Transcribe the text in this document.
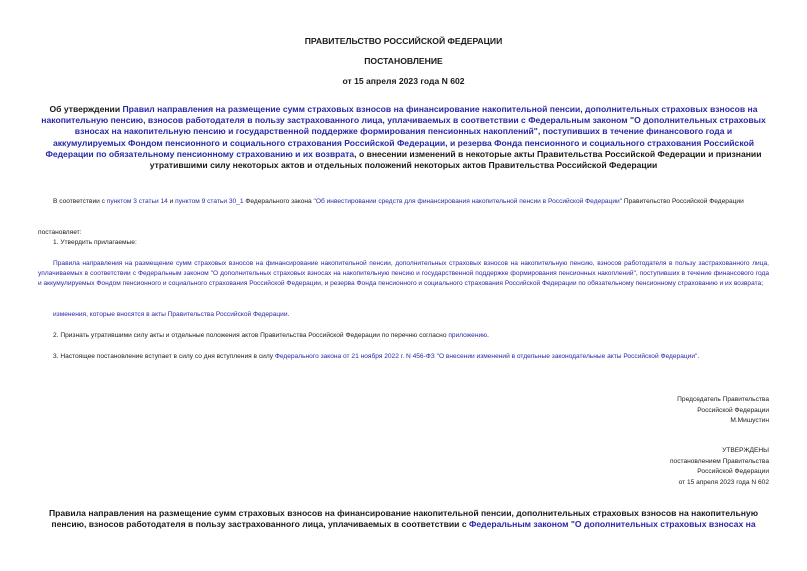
ПРАВИТЕЛЬСТВО РОССИЙСКОЙ ФЕДЕРАЦИИ
ПОСТАНОВЛЕНИЕ
от 15 апреля 2023 года N 602
Об утверждении Правил направления на размещение сумм страховых взносов на финансирование накопительной пенсии, дополнительных страховых взносов на накопительную пенсию, взносов работодателя в пользу застрахованного лица, уплачиваемых в соответствии с Федеральным законом "О дополнительных страховых взносах на накопительную пенсию и государственной поддержке формирования пенсионных накоплений", поступивших в течение финансового года и аккумулируемых Фондом пенсионного и социального страхования Российской Федерации, и резерва Фонда пенсионного и социального страхования Российской Федерации по обязательному пенсионному страхованию и их возврата, о внесении изменений в некоторые акты Правительства Российской Федерации и признании утратившими силу некоторых актов и отдельных положений некоторых актов Правительства Российской Федерации
В соответствии с пунктом 3 статьи 14 и пунктом 9 статьи 30_1 Федерального закона "Об инвестировании средств для финансирования накопительной пенсии в Российской Федерации" Правительство Российской Федерации
постановляет:
1. Утвердить прилагаемые:
Правила направления на размещение сумм страховых взносов на финансирование накопительной пенсии, дополнительных страховых взносов на накопительную пенсию, взносов работодателя в пользу застрахованного лица, уплачиваемых в соответствии с Федеральным законом "О дополнительных страховых взносах на накопительную пенсию и государственной поддержке формирования пенсионных накоплений", поступивших в течение финансового года и аккумулируемых Фондом пенсионного и социального страхования Российской Федерации, и резерва Фонда пенсионного и социального страхования Российской Федерации по обязательному пенсионному страхованию и их возврата;
изменения, которые вносятся в акты Правительства Российской Федерации.
2. Признать утратившими силу акты и отдельные положения актов Правительства Российской Федерации по перечню согласно приложению.
3. Настоящее постановление вступает в силу со дня вступления в силу Федерального закона от 21 ноября 2022 г. N 456-ФЗ "О внесении изменений в отдельные законодательные акты Российской Федерации".
Председатель Правительства
Российской Федерации
М.Мишустин
УТВЕРЖДЕНЫ
постановлением Правительства
Российской Федерации
от 15 апреля 2023 года N 602
Правила направления на размещение сумм страховых взносов на финансирование накопительной пенсии, дополнительных страховых взносов на накопительную пенсию, взносов работодателя в пользу застрахованного лица, уплачиваемых в соответствии с Федеральным законом "О дополнительных страховых взносах на
